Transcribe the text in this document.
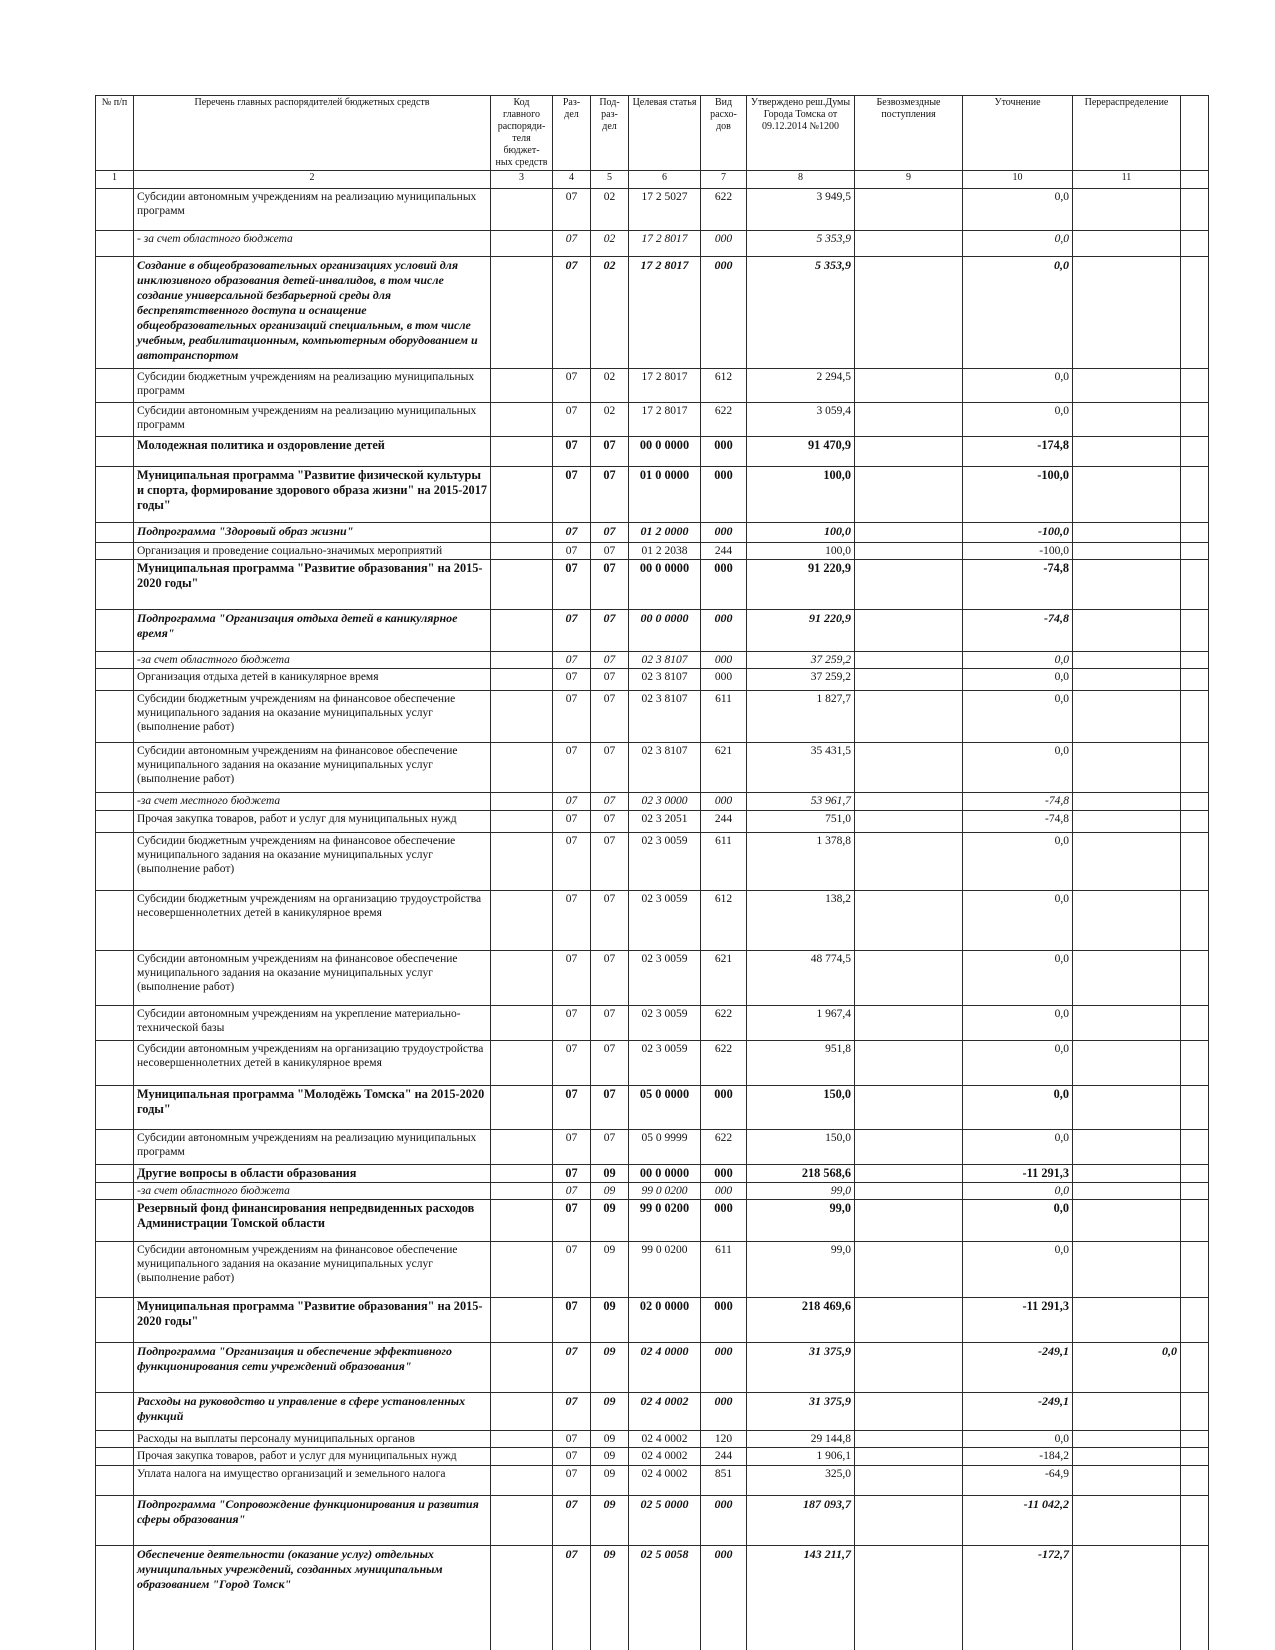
№ п/п	Перечень главных распорядителей бюджетных средств	Код главного распоряди- теля бюджет- ных средств	Раз- дел	Под- раз- дел	Целевая статья	Вид расхо- дов	Утверждено реш.Думы Города Томска от 09.12.2014 №1200	Безвозмездные поступления	Уточнение	Перераспределение	
1	2	3	4	5	6	7	8	9	10	11	
	Субсидии автономным учреждениям на реализацию муниципальных программ		07	02	17 2 5027	622	3 949,5		0,0		
	- за счет областного бюджета		07	02	17 2 8017	000	5 353,9		0,0		
	Создание в общеобразовательных организациях условий для инклюзивного образования детей-инвалидов, в том числе создание универсальной безбарьерной среды для беспрепятственного доступа и оснащение общеобразовательных организаций специальным, в том числе учебным, реабилитационным, компьютерным оборудованием и автотранспортом		07	02	17 2 8017	000	5 353,9		0,0		
	Субсидии бюджетным учреждениям на реализацию муниципальных программ		07	02	17 2 8017	612	2 294,5		0,0		
	Субсидии автономным учреждениям на реализацию муниципальных программ		07	02	17 2 8017	622	3 059,4		0,0		
	Молодежная политика и оздоровление детей		07	07	00 0 0000	000	91 470,9		-174,8		
	Муниципальная программа "Развитие физической культуры и спорта, формирование здорового образа жизни" на 2015-2017 годы"		07	07	01 0 0000	000	100,0		-100,0		
	Подпрограмма "Здоровый образ жизни"		07	07	01 2 0000	000	100,0		-100,0		
	Организация и проведение социально-значимых мероприятий		07	07	01 2 2038	244	100,0		-100,0		
	Муниципальная программа "Развитие образования" на 2015-2020 годы"		07	07	00 0 0000	000	91 220,9		-74,8		
	Подпрограмма "Организация отдыха детей в каникулярное время"		07	07	00 0 0000	000	91 220,9		-74,8		
	-за счет областного бюджета		07	07	02 3 8107	000	37 259,2		0,0		
	Организация отдыха детей в каникулярное время		07	07	02 3 8107	000	37 259,2		0,0		
	Субсидии бюджетным учреждениям на финансовое обеспечение муниципального задания на оказание муниципальных услуг (выполнение работ)		07	07	02 3 8107	611	1 827,7		0,0		
	Субсидии автономным учреждениям на финансовое обеспечение муниципального задания на оказание муниципальных услуг (выполнение работ)		07	07	02 3 8107	621	35 431,5		0,0		
	-за счет местного бюджета		07	07	02 3 0000	000	53 961,7		-74,8		
	Прочая закупка товаров, работ и услуг для муниципальных нужд		07	07	02 3 2051	244	751,0		-74,8		
	Субсидии бюджетным учреждениям на финансовое обеспечение муниципального задания на оказание муниципальных услуг (выполнение работ)		07	07	02 3 0059	611	1 378,8		0,0		
	Субсидии бюджетным учреждениям на организацию трудоустройства несовершеннолетних детей в каникулярное время		07	07	02 3 0059	612	138,2		0,0		
	Субсидии автономным учреждениям на финансовое обеспечение муниципального задания на оказание муниципальных услуг (выполнение работ)		07	07	02 3 0059	621	48 774,5		0,0		
	Субсидии автономным учреждениям на укрепление материально-технической базы		07	07	02 3 0059	622	1 967,4		0,0		
	Субсидии автономным учреждениям на организацию трудоустройства несовершеннолетних детей в каникулярное время		07	07	02 3 0059	622	951,8		0,0		
	Муниципальная программа "Молодёжь Томска" на 2015-2020 годы"		07	07	05 0 0000	000	150,0		0,0		
	Субсидии автономным учреждениям на реализацию муниципальных программ		07	07	05 0 9999	622	150,0		0,0		
	Другие вопросы в области образования		07	09	00 0 0000	000	218 568,6		-11 291,3		
	-за счет областного бюджета		07	09	99 0 0200	000	99,0		0,0		
	Резервный фонд финансирования непредвиденных расходов Администрации Томской области		07	09	99 0 0200	000	99,0		0,0		
	Субсидии автономным учреждениям на финансовое обеспечение муниципального задания на оказание муниципальных услуг (выполнение работ)		07	09	99 0 0200	611	99,0		0,0		
	Муниципальная программа "Развитие образования" на 2015-2020 годы"		07	09	02 0 0000	000	218 469,6		-11 291,3		
	Подпрограмма "Организация и обеспечение эффективного функционирования сети учреждений образования"		07	09	02 4 0000	000	31 375,9		-249,1	0,0	
	Расходы на руководство и управление в сфере установленных функций		07	09	02 4 0002	000	31 375,9		-249,1		
	Расходы на выплаты персоналу муниципальных органов		07	09	02 4 0002	120	29 144,8		0,0		
	Прочая закупка товаров, работ и услуг для муниципальных нужд		07	09	02 4 0002	244	1 906,1		-184,2		
	Уплата налога на имущество организаций и земельного налога		07	09	02 4 0002	851	325,0		-64,9		
	Подпрограмма "Сопровождение функционирования и развития сферы образования"		07	09	02 5 0000	000	187 093,7		-11 042,2		
	Обеспечение деятельности (оказание услуг) отдельных муниципальных учреждений, созданных муниципальным образованием "Город Томск"		07	09	02 5 0058	000	143 211,7		-172,7		
